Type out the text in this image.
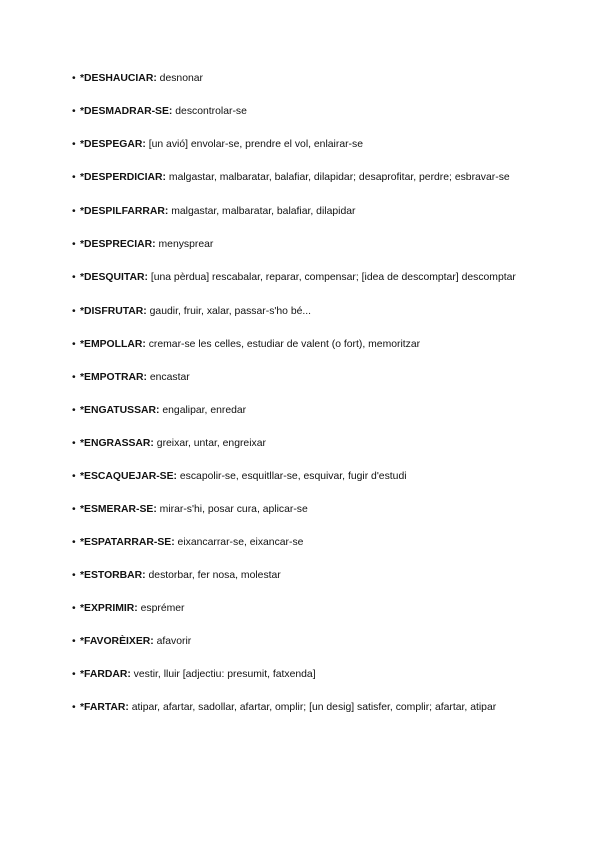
• *DESHAUCIAR: desnonar
• *DESMADRAR-SE: descontrolar-se
• *DESPEGAR: [un avió] envolar-se, prendre el vol, enlairar-se
• *DESPERDICIAR: malgastar, malbaratar, balafiar, dilapidar; desaprofitar, perdre; esbravar-se
• *DESPILFARRAR: malgastar, malbaratar, balafiar, dilapidar
• *DESPRECIAR: menysprear
• *DESQUITAR: [una pèrdua] rescabalar, reparar, compensar; [idea de descomptar] descomptar
• *DISFRUTAR: gaudir, fruir, xalar, passar-s'ho bé...
• *EMPOLLAR: cremar-se les celles, estudiar de valent (o fort), memoritzar
• *EMPOTRAR: encastar
• *ENGATUSSAR: engalipar, enredar
• *ENGRASSAR: greixar, untar, engreixar
• *ESCAQUEJAR-SE: escapolir-se, esquitllar-se, esquivar, fugir d'estudi
• *ESMERAR-SE: mirar-s'hi, posar cura, aplicar-se
• *ESPATARRAR-SE: eixancarrar-se, eixancar-se
• *ESTORBAR: destorbar, fer nosa, molestar
• *EXPRIMIR: esprémer
• *FAVORÈIXER: afavorir
• *FARDAR: vestir, lluir [adjectiu: presumit, fatxenda]
• *FARTAR: atipar, afartar, sadollar, afartar, omplir; [un desig] satisfer, complir; afartar, atipar
